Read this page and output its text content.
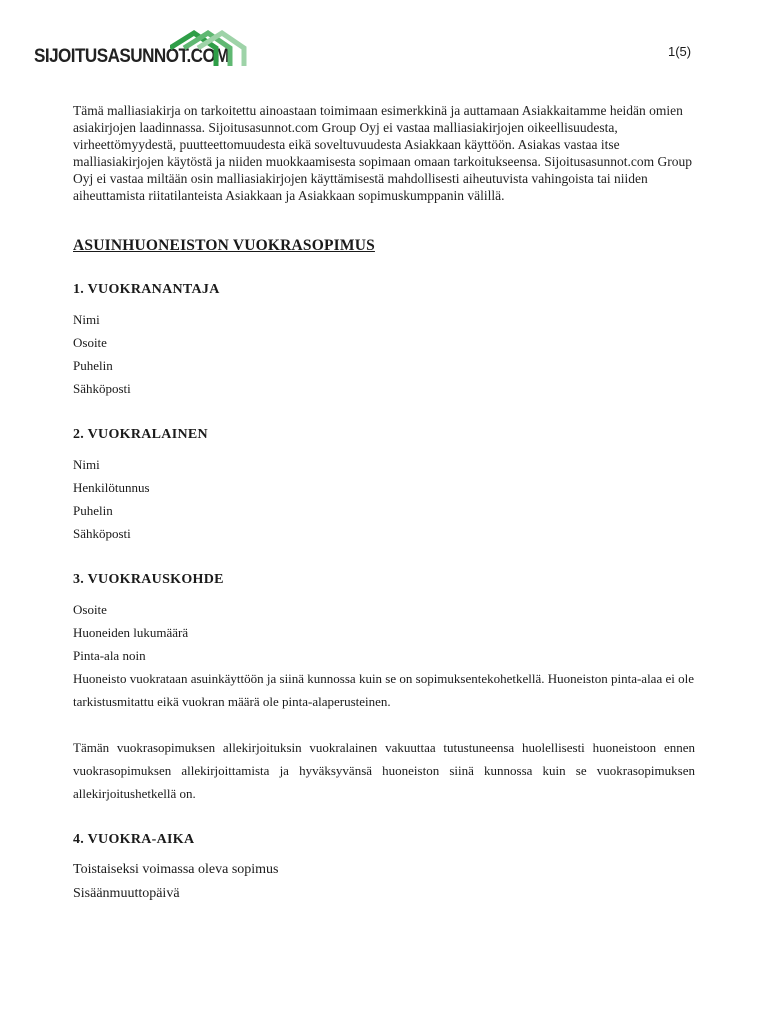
SIJOITUSASUNNOT.COM	1(5)

Tämä malliasiakirja on tarkoitettu ainoastaan toimimaan esimerkkinä ja auttamaan Asiakkaitamme heidän omien asiakirjojen laadinnassa. Sijoitusasunnot.com Group Oyj ei vastaa malliasiakirjojen oikeellisuudesta, virheettömyydestä, puutteettomuudesta eikä soveltuvuudesta Asiakkaan käyttöön. Asiakas vastaa itse malliasiakirjojen käytöstä ja niiden muokkaamisesta sopimaan omaan tarkoitukseensa. Sijoitusasunnot.com Group Oyj ei vastaa miltään osin malliasiakirjojen käyttämisestä mahdollisesti aiheutuvista vahingoista tai niiden aiheuttamista riitatilanteista Asiakkaan ja Asiakkaan sopimuskumppanin välillä.

ASUINHUONEISTON VUOKRASOPIMUS
1. VUOKRANANTAJA
Nimi
Osoite
Puhelin
Sähköposti
2. VUOKRALAINEN
Nimi
Henkilötunnus
Puhelin
Sähköposti
3. VUOKRAUSKOHDE
Osoite
Huoneiden lukumäärä
Pinta-ala noin

Huoneisto vuokrataan asuinkäyttöön ja siinä kunnossa kuin se on sopimuksentekohetkellä. Huoneiston pinta-alaa ei ole tarkistusmitattu eikä vuokran määrä ole pinta-alaperusteinen.

Tämän vuokrasopimuksen allekirjoituksin vuokralainen vakuuttaa tutustuneensa huolellisesti huoneistoon ennen vuokrasopimuksen allekirjoittamista ja hyväksyvänsä huoneiston siinä kunnossa kuin se vuokrasopimuksen allekirjoitushetkellä on.

4. VUOKRA-AIKA
Toistaiseksi voimassa oleva sopimus
Sisäänmuuttopäivä
